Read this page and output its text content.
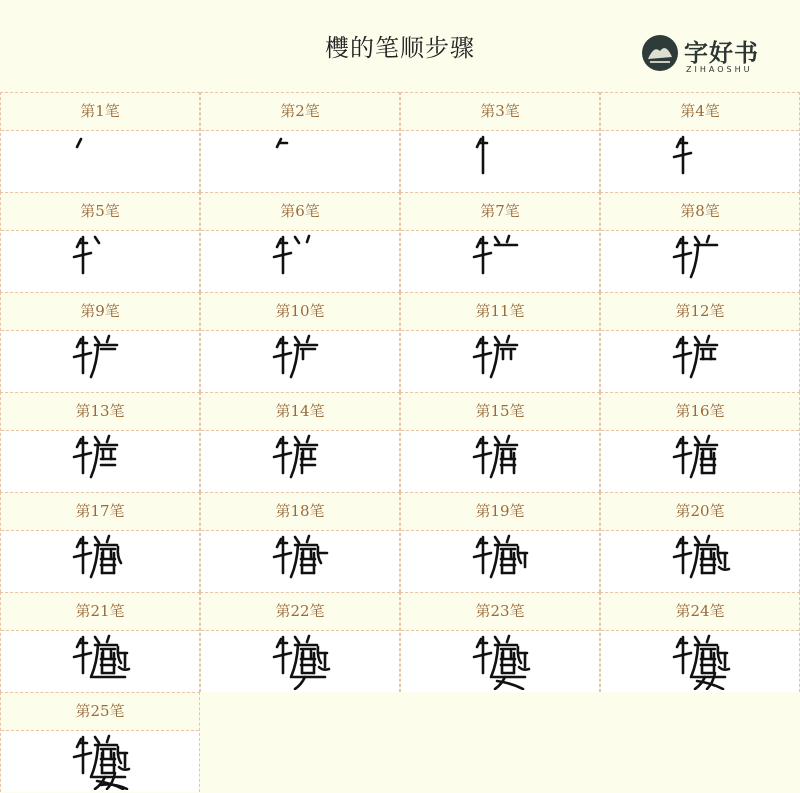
欆的笔顺步骤	字好书
ZIHAOSHU
第1笔	第2笔	第3笔	第4笔
第5笔	第6笔	第7笔	第8笔
第9笔	第10笔	第11笔	第12笔
第13笔	第14笔	第15笔	第16笔
第17笔	第18笔	第19笔	第20笔
第21笔	第22笔	第23笔	第24笔
第25笔
